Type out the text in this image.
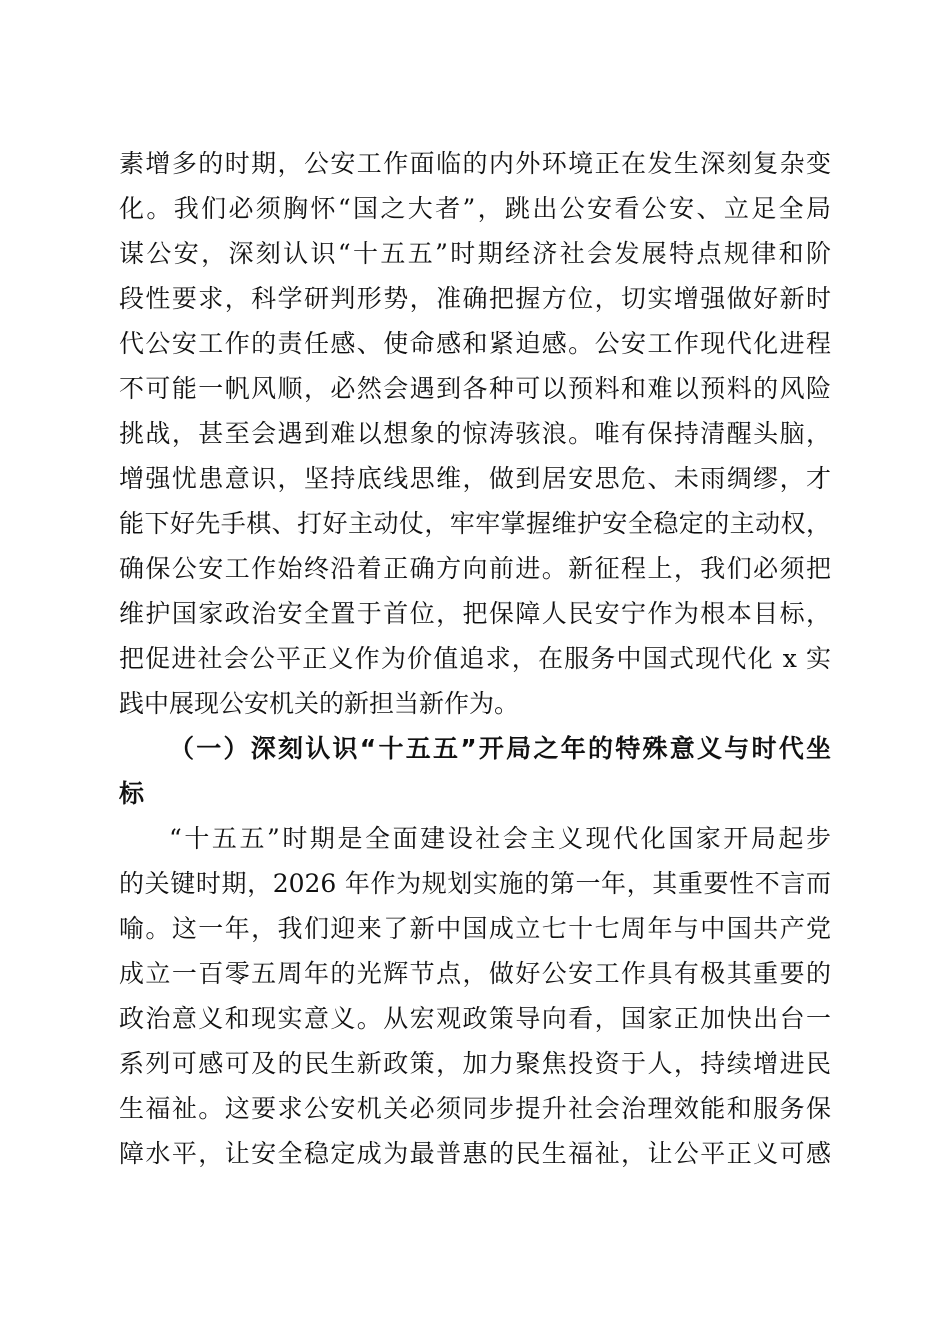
素增多的时期，公安工作面临的内外环境正在发生深刻复杂变
化。我们必须胸怀“国之大者”，跳出公安看公安、立足全局
谋公安，深刻认识“十五五”时期经济社会发展特点规律和阶
段性要求，科学研判形势，准确把握方位，切实增强做好新时
代公安工作的责任感、使命感和紧迫感。公安工作现代化进程
不可能一帆风顺，必然会遇到各种可以预料和难以预料的风险
挑战，甚至会遇到难以想象的惊涛骇浪。唯有保持清醒头脑，
增强忧患意识，坚持底线思维，做到居安思危、未雨绸缪，才
能下好先手棋、打好主动仗，牢牢掌握维护安全稳定的主动权，
确保公安工作始终沿着正确方向前进。新征程上，我们必须把
维护国家政治安全置于首位，把保障人民安宁作为根本目标，
把促进社会公平正义作为价值追求，在服务中国式现代化 x 实
践中展现公安机关的新担当新作为。
（一）深刻认识“十五五”开局之年的特殊意义与时代坐
标
“十五五”时期是全面建设社会主义现代化国家开局起步
的关键时期，2026 年作为规划实施的第一年，其重要性不言而
喻。这一年，我们迎来了新中国成立七十七周年与中国共产党
成立一百零五周年的光辉节点，做好公安工作具有极其重要的
政治意义和现实意义。从宏观政策导向看，国家正加快出台一
系列可感可及的民生新政策，加力聚焦投资于人，持续增进民
生福祉。这要求公安机关必须同步提升社会治理效能和服务保
障水平，让安全稳定成为最普惠的民生福祉，让公平正义可感
